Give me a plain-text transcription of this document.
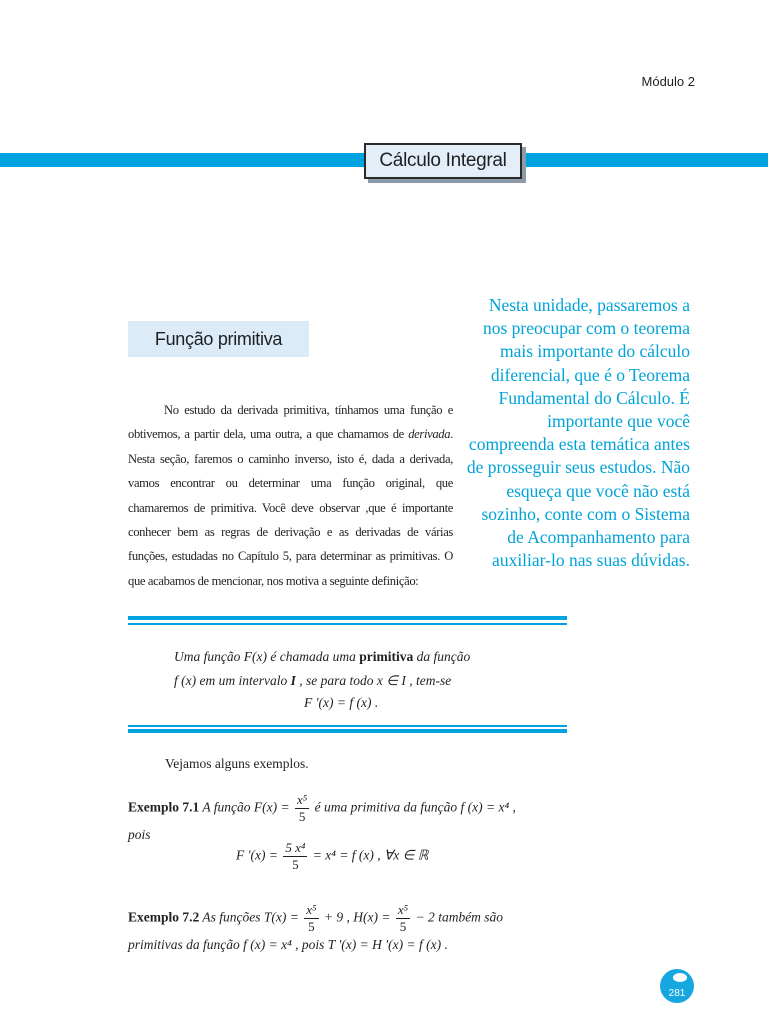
Módulo 2
Cálculo Integral
Nesta unidade, passaremos a nos preocupar com o teorema mais importante do cálculo diferencial, que é o Teorema Fundamental do Cálculo. É importante que você compreenda esta temática antes de prosseguir seus estudos. Não esqueça que você não está sozinho, conte com o Sistema de Acompanhamento para auxiliar-lo nas suas dúvidas.
Função primitiva
No estudo da derivada primitiva, tínhamos uma função e obtivemos, a partir dela, uma outra, a que chamamos de derivada. Nesta seção, faremos o caminho inverso, isto é, dada a derivada, vamos encontrar ou determinar uma função original, que chamaremos de primitiva. Você deve observar ,que é importante conhecer bem as regras de derivação e as derivadas de várias funções, estudadas no Capítulo 5, para determinar as primitivas. O que acabamos de mencionar, nos motiva a seguinte definição:
Uma função F(x) é chamada uma primitiva da função
f (x) em um intervalo I , se para todo x ∈ I , tem-se
F '(x) = f (x) .
Vejamos alguns exemplos.
Exemplo 7.1 A função $F(x) = \frac{\text{x⁵}}{5}$ é uma primitiva da função f (x) = x⁴ ,
pois
F '$(x) = \frac{\text{5 x⁴}}{5} = x^4 = f$ (x) , ∀x ∈ ℝ
Exemplo 7.2 As funções $T(x) = \frac{\text{x⁵}}{5} + 9$ , $H(x) = \frac{\text{x⁵}}{5} - 2$ também são
primitivas da função f (x) = x⁴ , pois T '(x) = H '(x) = f (x) .
281
